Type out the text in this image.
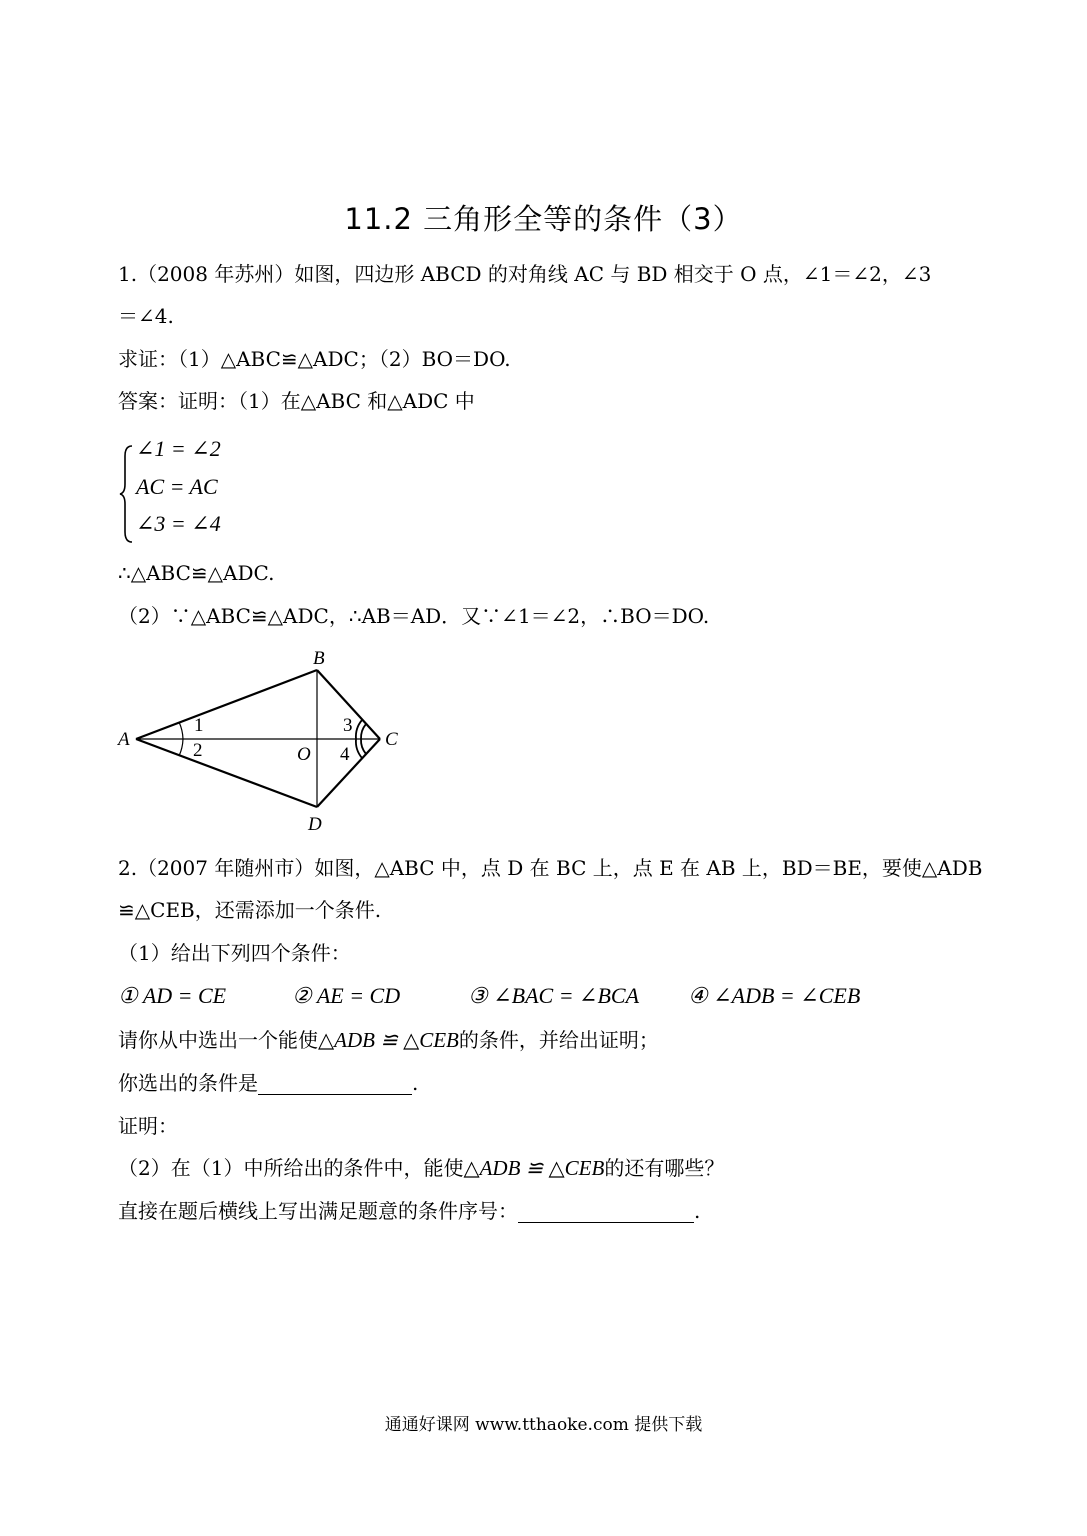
11.2 三角形全等的条件（3）
1.（2008 年苏州）如图，四边形 ABCD 的对角线 AC 与 BD 相交于 O 点，∠1＝∠2，∠3
＝∠4.
求证：（1）△ABC≌△ADC；（2）BO＝DO.
答案：证明：（1）在△ABC 和△ADC 中
∠1 = ∠2
AC = AC
∠3 = ∠4
∴△ABC≌△ADC.
（2）∵△ABC≌△ADC，∴AB＝AD．又∵∠1＝∠2，∴BO＝DO.
A
B
C
D
O
1
2
3
4
2.（2007 年随州市）如图，△ABC 中，点 D 在 BC 上，点 E 在 AB 上，BD＝BE，要使△ADB
≌△CEB，还需添加一个条件.
（1）给出下列四个条件：
① AD = CE	② AE = CD	③ ∠BAC = ∠BCA ④ ∠ADB = ∠CEB
请你从中选出一个能使△ADB ≌ △CEB的条件，并给出证明；
你选出的条件是	.
证明：
（2）在（1）中所给出的条件中，能使△ADB ≌ △CEB的还有哪些？
直接在题后横线上写出满足题意的条件序号：	.
通通好课网 www.tthaoke.com 提供下载
